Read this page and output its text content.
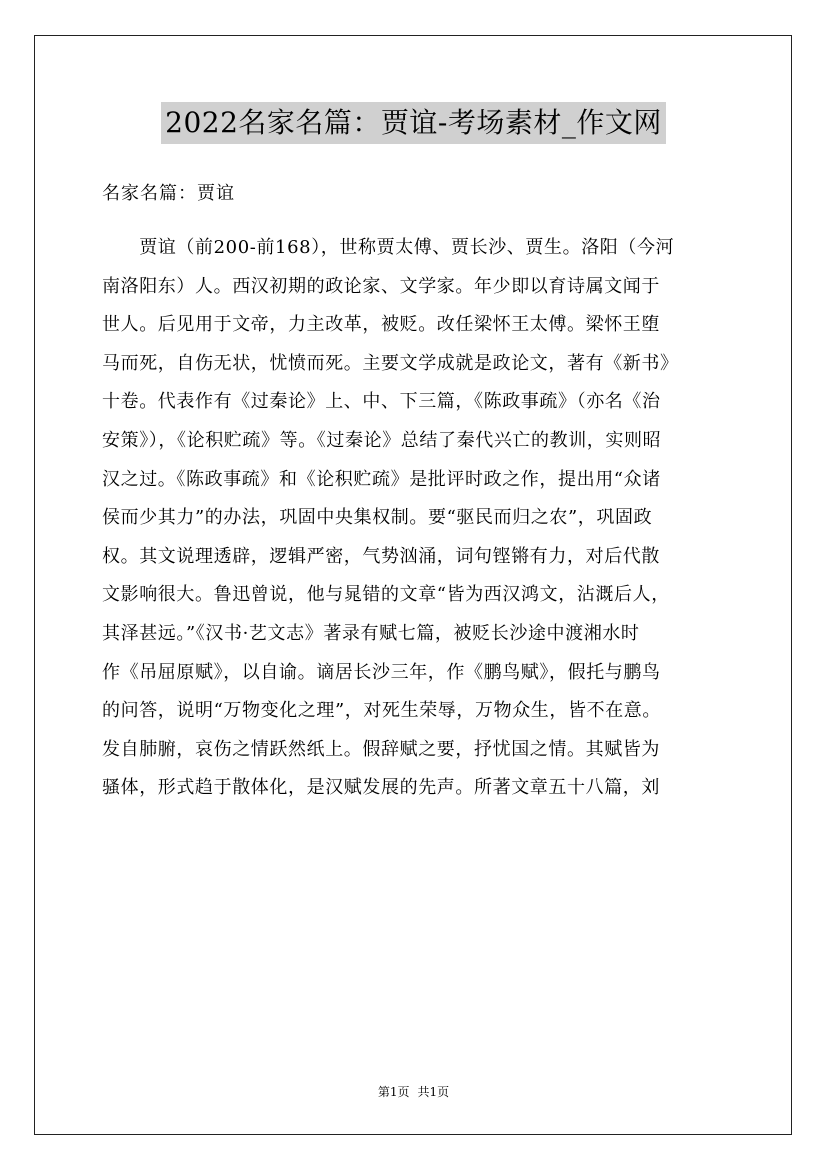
2022名家名篇：贾谊-考场素材_作文网
名家名篇：贾谊
　　贾谊（前200-前168），世称贾太傅、贾长沙、贾生。洛阳（今河
南洛阳东）人。西汉初期的政论家、文学家。年少即以育诗属文闻于
世人。后见用于文帝，力主改革，被贬。改任梁怀王太傅。梁怀王堕
马而死，自伤无状，忧愤而死。主要文学成就是政论文，著有《新书》
十卷。代表作有《过秦论》上、中、下三篇，《陈政事疏》（亦名《治
安策》），《论积贮疏》等。《过秦论》总结了秦代兴亡的教训，实则昭
汉之过。《陈政事疏》和《论积贮疏》是批评时政之作，提出用“众诸
侯而少其力”的办法，巩固中央集权制。要“驱民而归之农”，巩固政
权。其文说理透辟，逻辑严密，气势汹涌，词句铿锵有力，对后代散
文影响很大。鲁迅曾说，他与晁错的文章“皆为西汉鸿文，沾溉后人，
其泽甚远。”《汉书·艺文志》著录有赋七篇，被贬长沙途中渡湘水时
作《吊屈原赋》，以自谕。谪居长沙三年，作《鹏鸟赋》，假托与鹏鸟
的问答，说明“万物变化之理”，对死生荣辱，万物众生，皆不在意。
发自肺腑，哀伤之情跃然纸上。假辞赋之要，抒忧国之情。其赋皆为
骚体，形式趋于散体化，是汉赋发展的先声。所著文章五十八篇，刘
第1页 共1页
